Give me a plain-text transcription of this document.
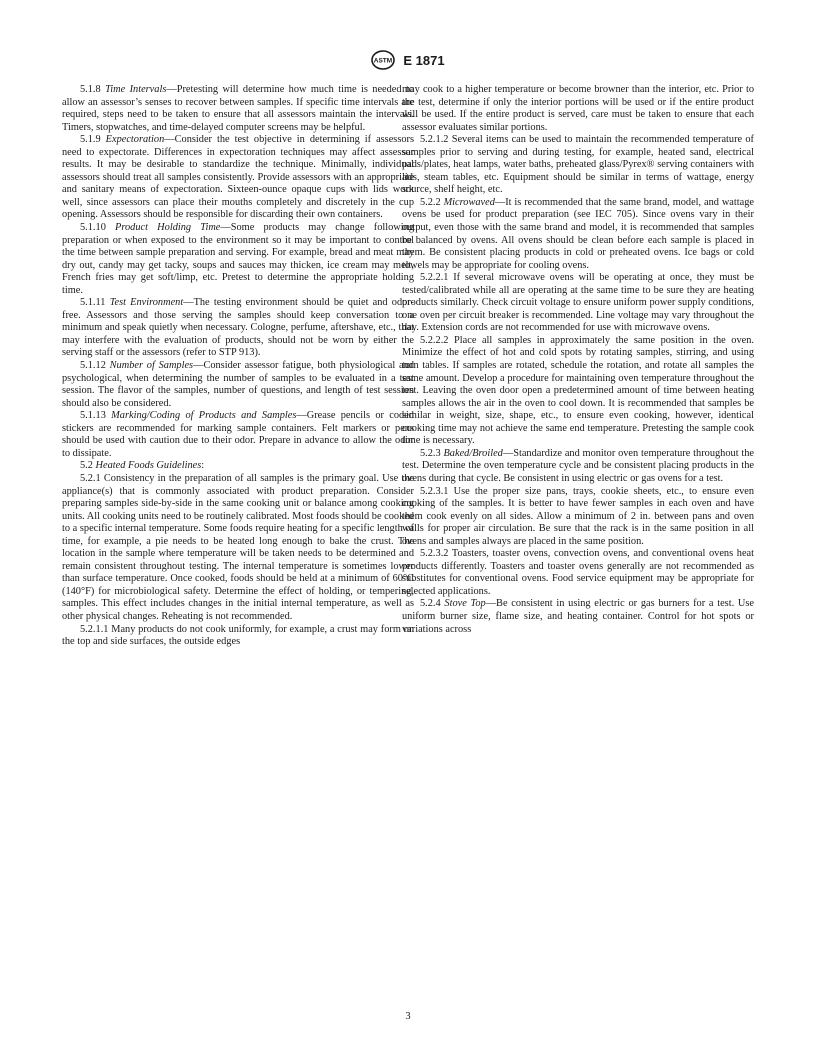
ASTM E 1871

5.1.8 Time Intervals—Pretesting will determine how much time is needed to allow an assessor’s senses to recover between samples. If specific time intervals are required, steps need to be taken to ensure that all assessors maintain the intervals. Timers, stopwatches, and time-delayed computer screens may be helpful.

5.1.9 Expectoration—Consider the test objective in determining if assessors need to expectorate. Differences in expectoration techniques may affect assessor results. It may be desirable to standardize the technique. Minimally, individual assessors should treat all samples consistently. Provide assessors with an appropriate and sanitary means of expectoration. Sixteen-ounce opaque cups with lids work well, since assessors can place their mouths completely and discretely in the cup opening. Assessors should be responsible for discarding their own containers.

5.1.10 Product Holding Time—Some products may change following preparation or when exposed to the environment so it may be important to control the time between sample preparation and serving. For example, bread and meat may dry out, candy may get tacky, soups and sauces may thicken, ice cream may melt, French fries may get soft/limp, etc. Pretest to determine the appropriate holding time.

5.1.11 Test Environment—The testing environment should be quiet and odor-free. Assessors and those serving the samples should keep conversation to a minimum and speak quietly when necessary. Cologne, perfume, aftershave, etc., that may interfere with the evaluation of products, should not be worn by either the serving staff or the assessors (refer to STP 913).

5.1.12 Number of Samples—Consider assessor fatigue, both physiological and psychological, when determining the number of samples to be evaluated in a test session. The flavor of the samples, number of questions, and length of test session should also be considered.

5.1.13 Marking/Coding of Products and Samples—Grease pencils or coded stickers are recommended for marking sample containers. Felt markers or pens should be used with caution due to their odor. Prepare in advance to allow the odor to dissipate.

5.2 Heated Foods Guidelines:

5.2.1 Consistency in the preparation of all samples is the primary goal. Use the appliance(s) that is commonly associated with product preparation. Consider preparing samples side-by-side in the same cooking unit or balance among cooking units. All cooking units need to be routinely calibrated. Most foods should be cooked to a specific internal temperature. Some foods require heating for a specific length of time, for example, a pie needs to be heated long enough to bake the crust. The location in the sample where temperature will be taken needs to be determined and remain consistent throughout testing. The internal temperature is sometimes lower than surface temperature. Once cooked, foods should be held at a minimum of 60°C (140°F) for microbiological safety. Determine the effect of holding, or tempering, samples. This effect includes changes in the initial internal temperature, as well as other physical changes. Reheating is not recommended.

5.2.1.1 Many products do not cook uniformly, for example, a crust may form on the top and side surfaces, the outside edges

may cook to a higher temperature or become browner than the interior, etc. Prior to the test, determine if only the interior portions will be used or if the entire product will be used. If the entire product is served, care must be taken to ensure that each assessor evaluates similar portions.

5.2.1.2 Several items can be used to maintain the recommended temperature of samples prior to serving and during testing, for example, heated sand, electrical pads/plates, heat lamps, water baths, preheated glass/Pyrex® serving containers with lids, steam tables, etc. Equipment should be similar in terms of wattage, energy source, shelf height, etc.

5.2.2 Microwaved—It is recommended that the same brand, model, and wattage ovens be used for product preparation (see IEC 705). Since ovens vary in their output, even those with the same brand and model, it is recommended that samples be balanced by ovens. All ovens should be clean before each sample is placed in them. Be consistent placing products in cold or preheated ovens. Ice bags or cold towels may be appropriate for cooling ovens.

5.2.2.1 If several microwave ovens will be operating at once, they must be tested/calibrated while all are operating at the same time to be sure they are heating products similarly. Check circuit voltage to ensure uniform power supply conditions, one oven per circuit breaker is recommended. Line voltage may vary throughout the day. Extension cords are not recommended for use with microwave ovens.

5.2.2.2 Place all samples in approximately the same position in the oven. Minimize the effect of hot and cold spots by rotating samples, stirring, and using turn tables. If samples are rotated, schedule the rotation, and rotate all samples the same amount. Develop a procedure for maintaining oven temperature throughout the test. Leaving the oven door open a predetermined amount of time between heating samples allows the air in the oven to cool down. It is recommended that samples be similar in weight, size, shape, etc., to ensure even cooking, however, identical cooking time may not achieve the same end temperature. Pretesting the sample cook time is necessary.

5.2.3 Baked/Broiled—Standardize and monitor oven temperature throughout the test. Determine the oven temperature cycle and be consistent placing products in the ovens during that cycle. Be consistent in using electric or gas ovens for a test.

5.2.3.1 Use the proper size pans, trays, cookie sheets, etc., to ensure even cooking of the samples. It is better to have fewer samples in each oven and have them cook evenly on all sides. Allow a minimum of 2 in. between pans and oven walls for proper air circulation. Be sure that the rack is in the same position in all ovens and samples always are placed in the same position.

5.2.3.2 Toasters, toaster ovens, convection ovens, and conventional ovens heat products differently. Toasters and toaster ovens generally are not recommended as substitutes for conventional ovens. Food service equipment may be appropriate for selected applications.

5.2.4 Stove Top—Be consistent in using electric or gas burners for a test. Use uniform burner size, flame size, and heating container. Control for hot spots or variations across

3
